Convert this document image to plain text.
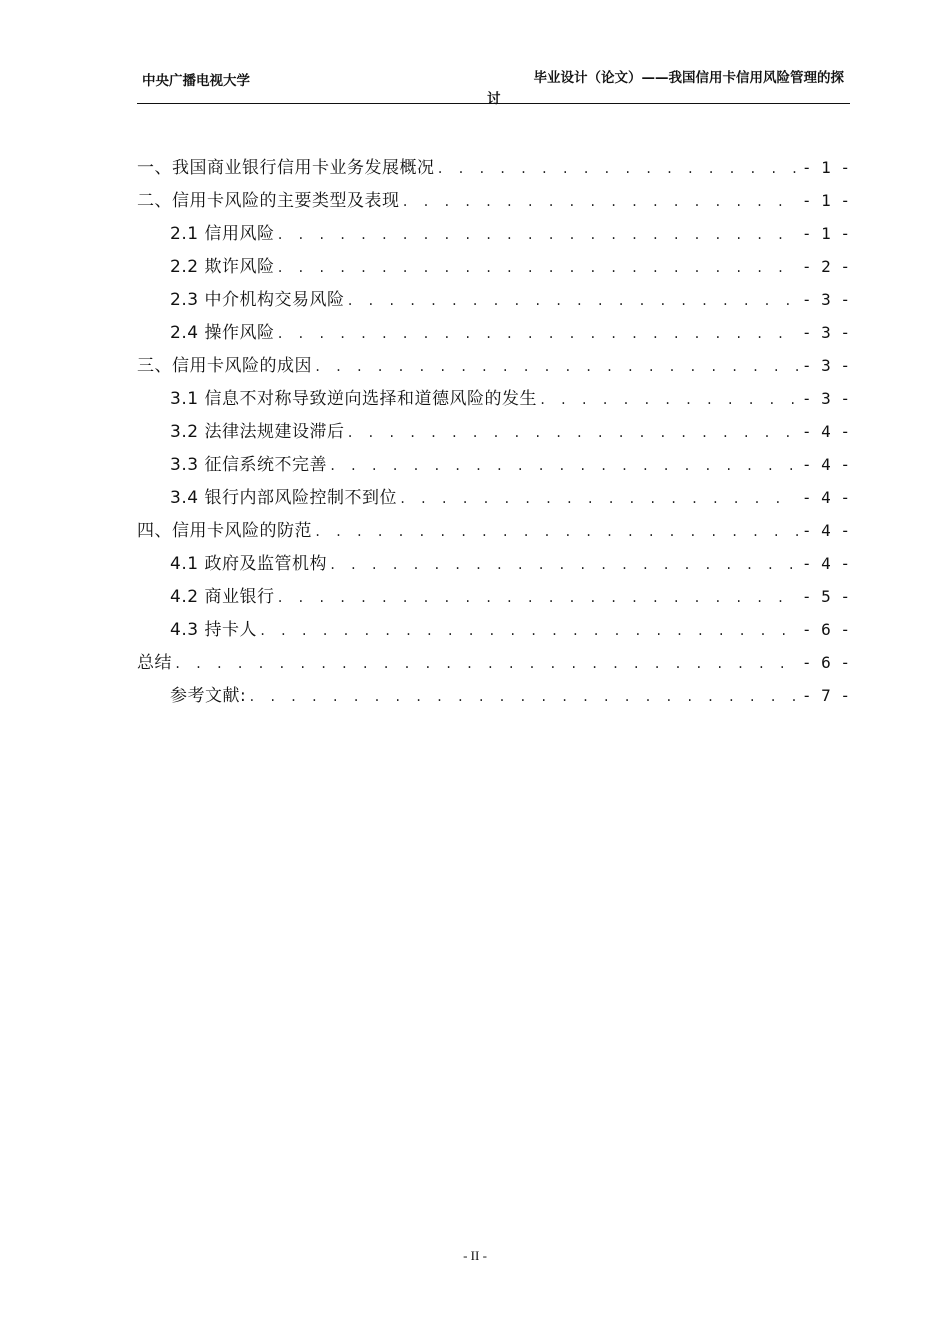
中央广播电视大学	毕业设计（论文）——我国信用卡信用风险管理的探
讨
一、我国商业银行信用卡业务发展概况 . . .	- 1 -
二、信用卡风险的主要类型及表现 . . .	- 1 -
2.1 信用风险 . . .	- 1 -
2.2 欺诈风险 . . .	- 2 -
2.3 中介机构交易风险 . . .	- 3 -
2.4 操作风险 . . .	- 3 -
三、信用卡风险的成因 . . .	- 3 -
3.1 信息不对称导致逆向选择和道德风险的发生 . . .	- 3 -
3.2 法律法规建设滞后 . . .	- 4 -
3.3 征信系统不完善 . . .	- 4 -
3.4 银行内部风险控制不到位 . . .	- 4 -
四、信用卡风险的防范 . . .	- 4 -
4.1 政府及监管机构 . . .	- 4 -
4.2 商业银行 . . .	- 5 -
4.3 持卡人 . . .	- 6 -
总结 . . .	- 6 -
参考文献: . . .	- 7 -
- II -
